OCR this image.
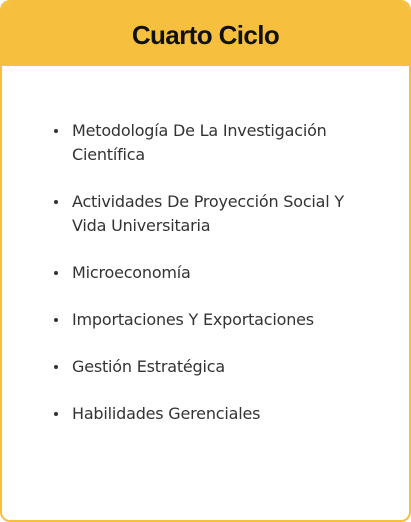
Cuarto Ciclo
Metodología De La Investigación Científica
Actividades De Proyección Social Y Vida Universitaria
Microeconomía
Importaciones Y Exportaciones
Gestión Estratégica
Habilidades Gerenciales
